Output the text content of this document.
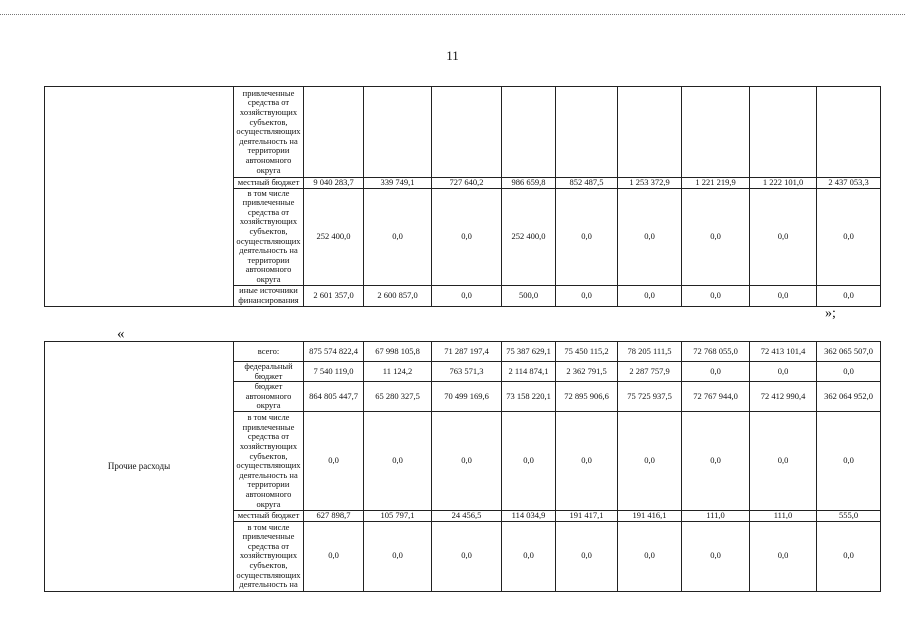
11
	привлеченные средства от хозяйствующих субъектов, осуществляющих деятельность на территории автономного округа									
	местный бюджет	9 040 283,7	339 749,1	727 640,2	986 659,8	852 487,5	1 253 372,9	1 221 219,9	1 222 101,0	2 437 053,3
	в том числе привлеченные средства от хозяйствующих субъектов, осуществляющих деятельность на территории автономного округа	252 400,0	0,0	0,0	252 400,0	0,0	0,0	0,0	0,0	0,0
	иные источники финансирования	2 601 357,0	2 600 857,0	0,0	500,0	0,0	0,0	0,0	0,0	0,0
»;
«
Прочие расходы	всего:	875 574 822,4	67 998 105,8	71 287 197,4	75 387 629,1	75 450 115,2	78 205 111,5	72 768 055,0	72 413 101,4	362 065 507,0
	федеральный бюджет	7 540 119,0	11 124,2	763 571,3	2 114 874,1	2 362 791,5	2 287 757,9	0,0	0,0	0,0
	бюджет автономного округа	864 805 447,7	65 280 327,5	70 499 169,6	73 158 220,1	72 895 906,6	75 725 937,5	72 767 944,0	72 412 990,4	362 064 952,0
	в том числе привлеченные средства от хозяйствующих субъектов, осуществляющих деятельность на территории автономного округа	0,0	0,0	0,0	0,0	0,0	0,0	0,0	0,0	0,0
	местный бюджет	627 898,7	105 797,1	24 456,5	114 034,9	191 417,1	191 416,1	111,0	111,0	555,0
	в том числе привлеченные средства от хозяйствующих субъектов, осуществляющих деятельность на	0,0	0,0	0,0	0,0	0,0	0,0	0,0	0,0	0,0
